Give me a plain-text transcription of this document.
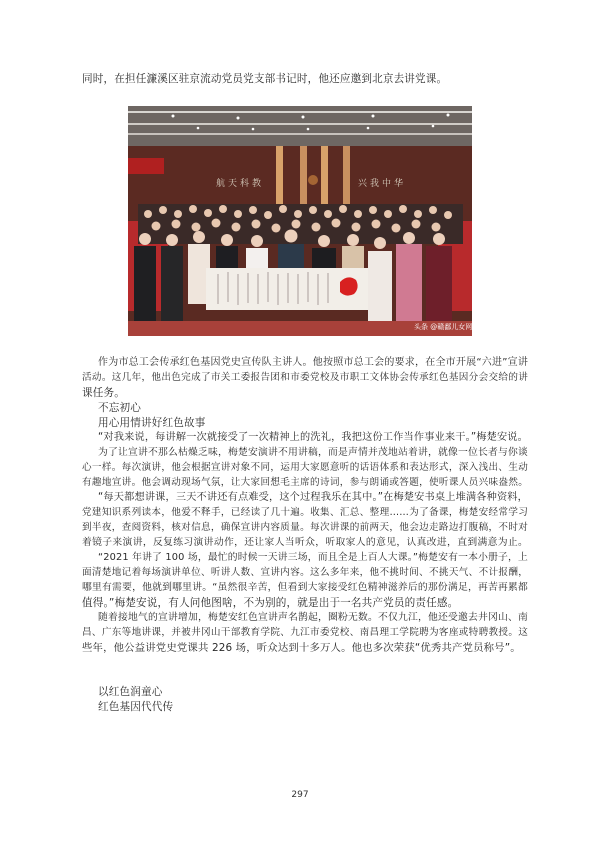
同时，在担任濂溪区驻京流动党员党支部书记时，他还应邀到北京去讲党课。
航天科教	兴我中华
头条 @赣鄱儿女网
作为市总工会传承红色基因党史宣传队主讲人。他按照市总工会的要求，在全市开展“六进”宣讲
活动。这几年，他出色完成了市关工委报告团和市委党校及市职工文体协会传承红色基因分会交给的讲
课任务。
不忘初心
用心用情讲好红色故事
“对我来说，每讲解一次就接受了一次精神上的洗礼，我把这份工作当作事业来干。”梅楚安说。
为了让宣讲不那么枯燥乏味，梅楚安演讲不用讲稿，而是声情并茂地站着讲，就像一位长者与你谈
心一样。每次演讲，他会根据宣讲对象不同，运用大家愿意听的话语体系和表达形式，深入浅出、生动
有趣地宣讲。他会调动现场气氛，让大家回想毛主席的诗词，参与朗诵或答题，使听课人员兴味盎然。
“每天都想讲课，三天不讲还有点难受，这个过程我乐在其中。”在梅楚安书桌上堆满各种资料，
党建知识系列读本，他爱不释手，已经读了几十遍。收集、汇总、整理……为了备课，梅楚安经常学习
到半夜，查阅资料，核对信息，确保宣讲内容质量。每次讲课的前两天，他会边走路边打腹稿，不时对
着镜子来演讲，反复练习演讲动作，还让家人当听众，听取家人的意见，认真改进，直到满意为止。
“2021 年讲了 100 场，最忙的时候一天讲三场，而且全是上百人大课。”梅楚安有一本小册子，上
面清楚地记着每场演讲单位、听讲人数、宣讲内容。这么多年来，他不挑时间、不挑天气、不计报酬，
哪里有需要，他就到哪里讲。“虽然很辛苦，但看到大家接受红色精神滋养后的那份满足，再苦再累都
值得。”梅楚安说，有人问他图啥，不为别的，就是出于一名共产党员的责任感。
随着接地气的宣讲增加，梅楚安红色宣讲声名鹊起，圈粉无数。不仅九江，他还受邀去井冈山、南
昌、广东等地讲课，并被井冈山干部教育学院、九江市委党校、南昌理工学院聘为客座或特聘教授。这
些年，他公益讲党史党课共 226 场，听众达到十多万人。他也多次荣获“优秀共产党员称号”。
以红色润童心
红色基因代代传
297
